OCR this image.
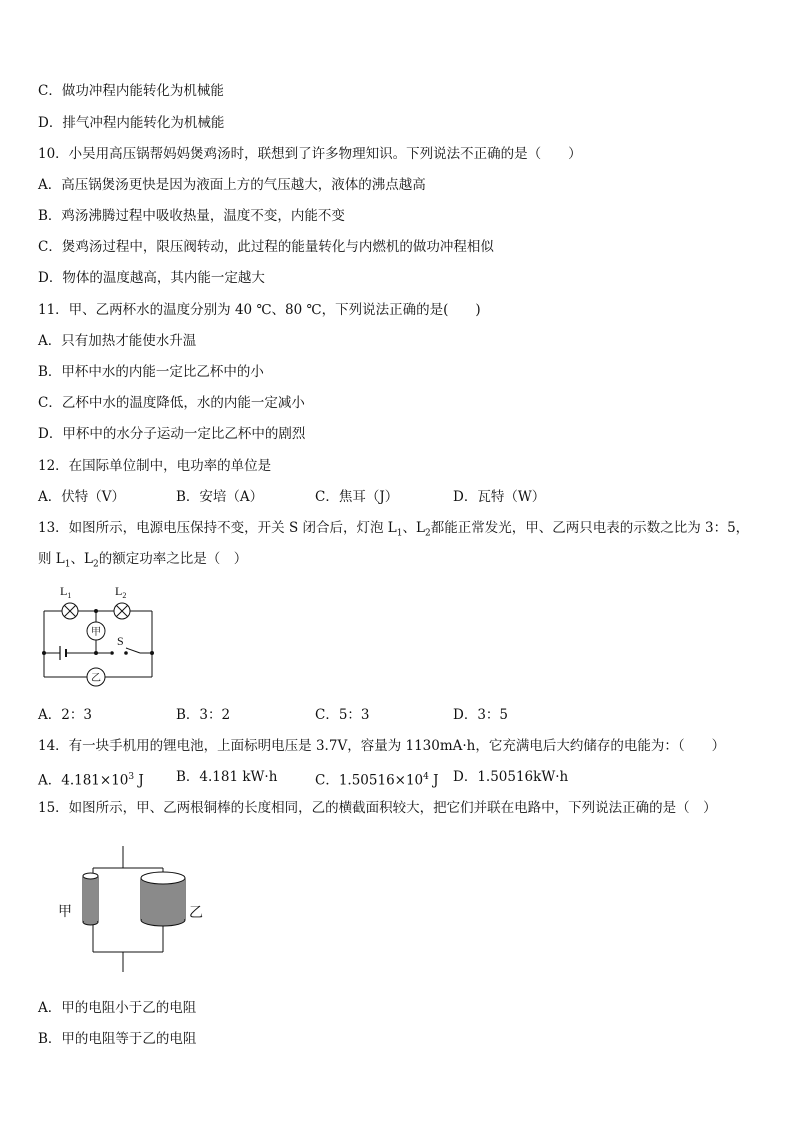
C．做功冲程内能转化为机械能
D．排气冲程内能转化为机械能
10．小吴用高压锅帮妈妈煲鸡汤时，联想到了许多物理知识。下列说法不正确的是（　　）
A．高压锅煲汤更快是因为液面上方的气压越大，液体的沸点越高
B．鸡汤沸腾过程中吸收热量，温度不变，内能不变
C．煲鸡汤过程中，限压阀转动，此过程的能量转化与内燃机的做功冲程相似
D．物体的温度越高，其内能一定越大
11．甲、乙两杯水的温度分别为 40 ℃、80 ℃，下列说法正确的是(　　)
A．只有加热才能使水升温
B．甲杯中水的内能一定比乙杯中的小
C．乙杯中水的温度降低，水的内能一定减小
D．甲杯中的水分子运动一定比乙杯中的剧烈
12．在国际单位制中，电功率的单位是
A．伏特（V）	B．安培（A）	C．焦耳（J）	D．瓦特（W）
13．如图所示，电源电压保持不变，开关 S 闭合后，灯泡 $L_1$、$L_2$都能正常发光，甲、乙两只电表的示数之比为 3：5，
则 $L_1$、$L_2$的额定功率之比是（　）
甲
乙
$L_1$	$L_2$
S
A．2：3	B．3：2	C．5：3	D．3：5
14．有一块手机用的锂电池，上面标明电压是 3.7V，容量为 1130mA·h，它充满电后大约储存的电能为：（　　）
A．$4.181\times 10^3$ J B．4.181 kW·h	C．$1.50516\times 10^4$ J D．1.50516kW·h
15．如图所示，甲、乙两根铜棒的长度相同，乙的横截面积较大，把它们并联在电路中，下列说法正确的是（　）
甲	乙
A．甲的电阻小于乙的电阻
B．甲的电阻等于乙的电阻
